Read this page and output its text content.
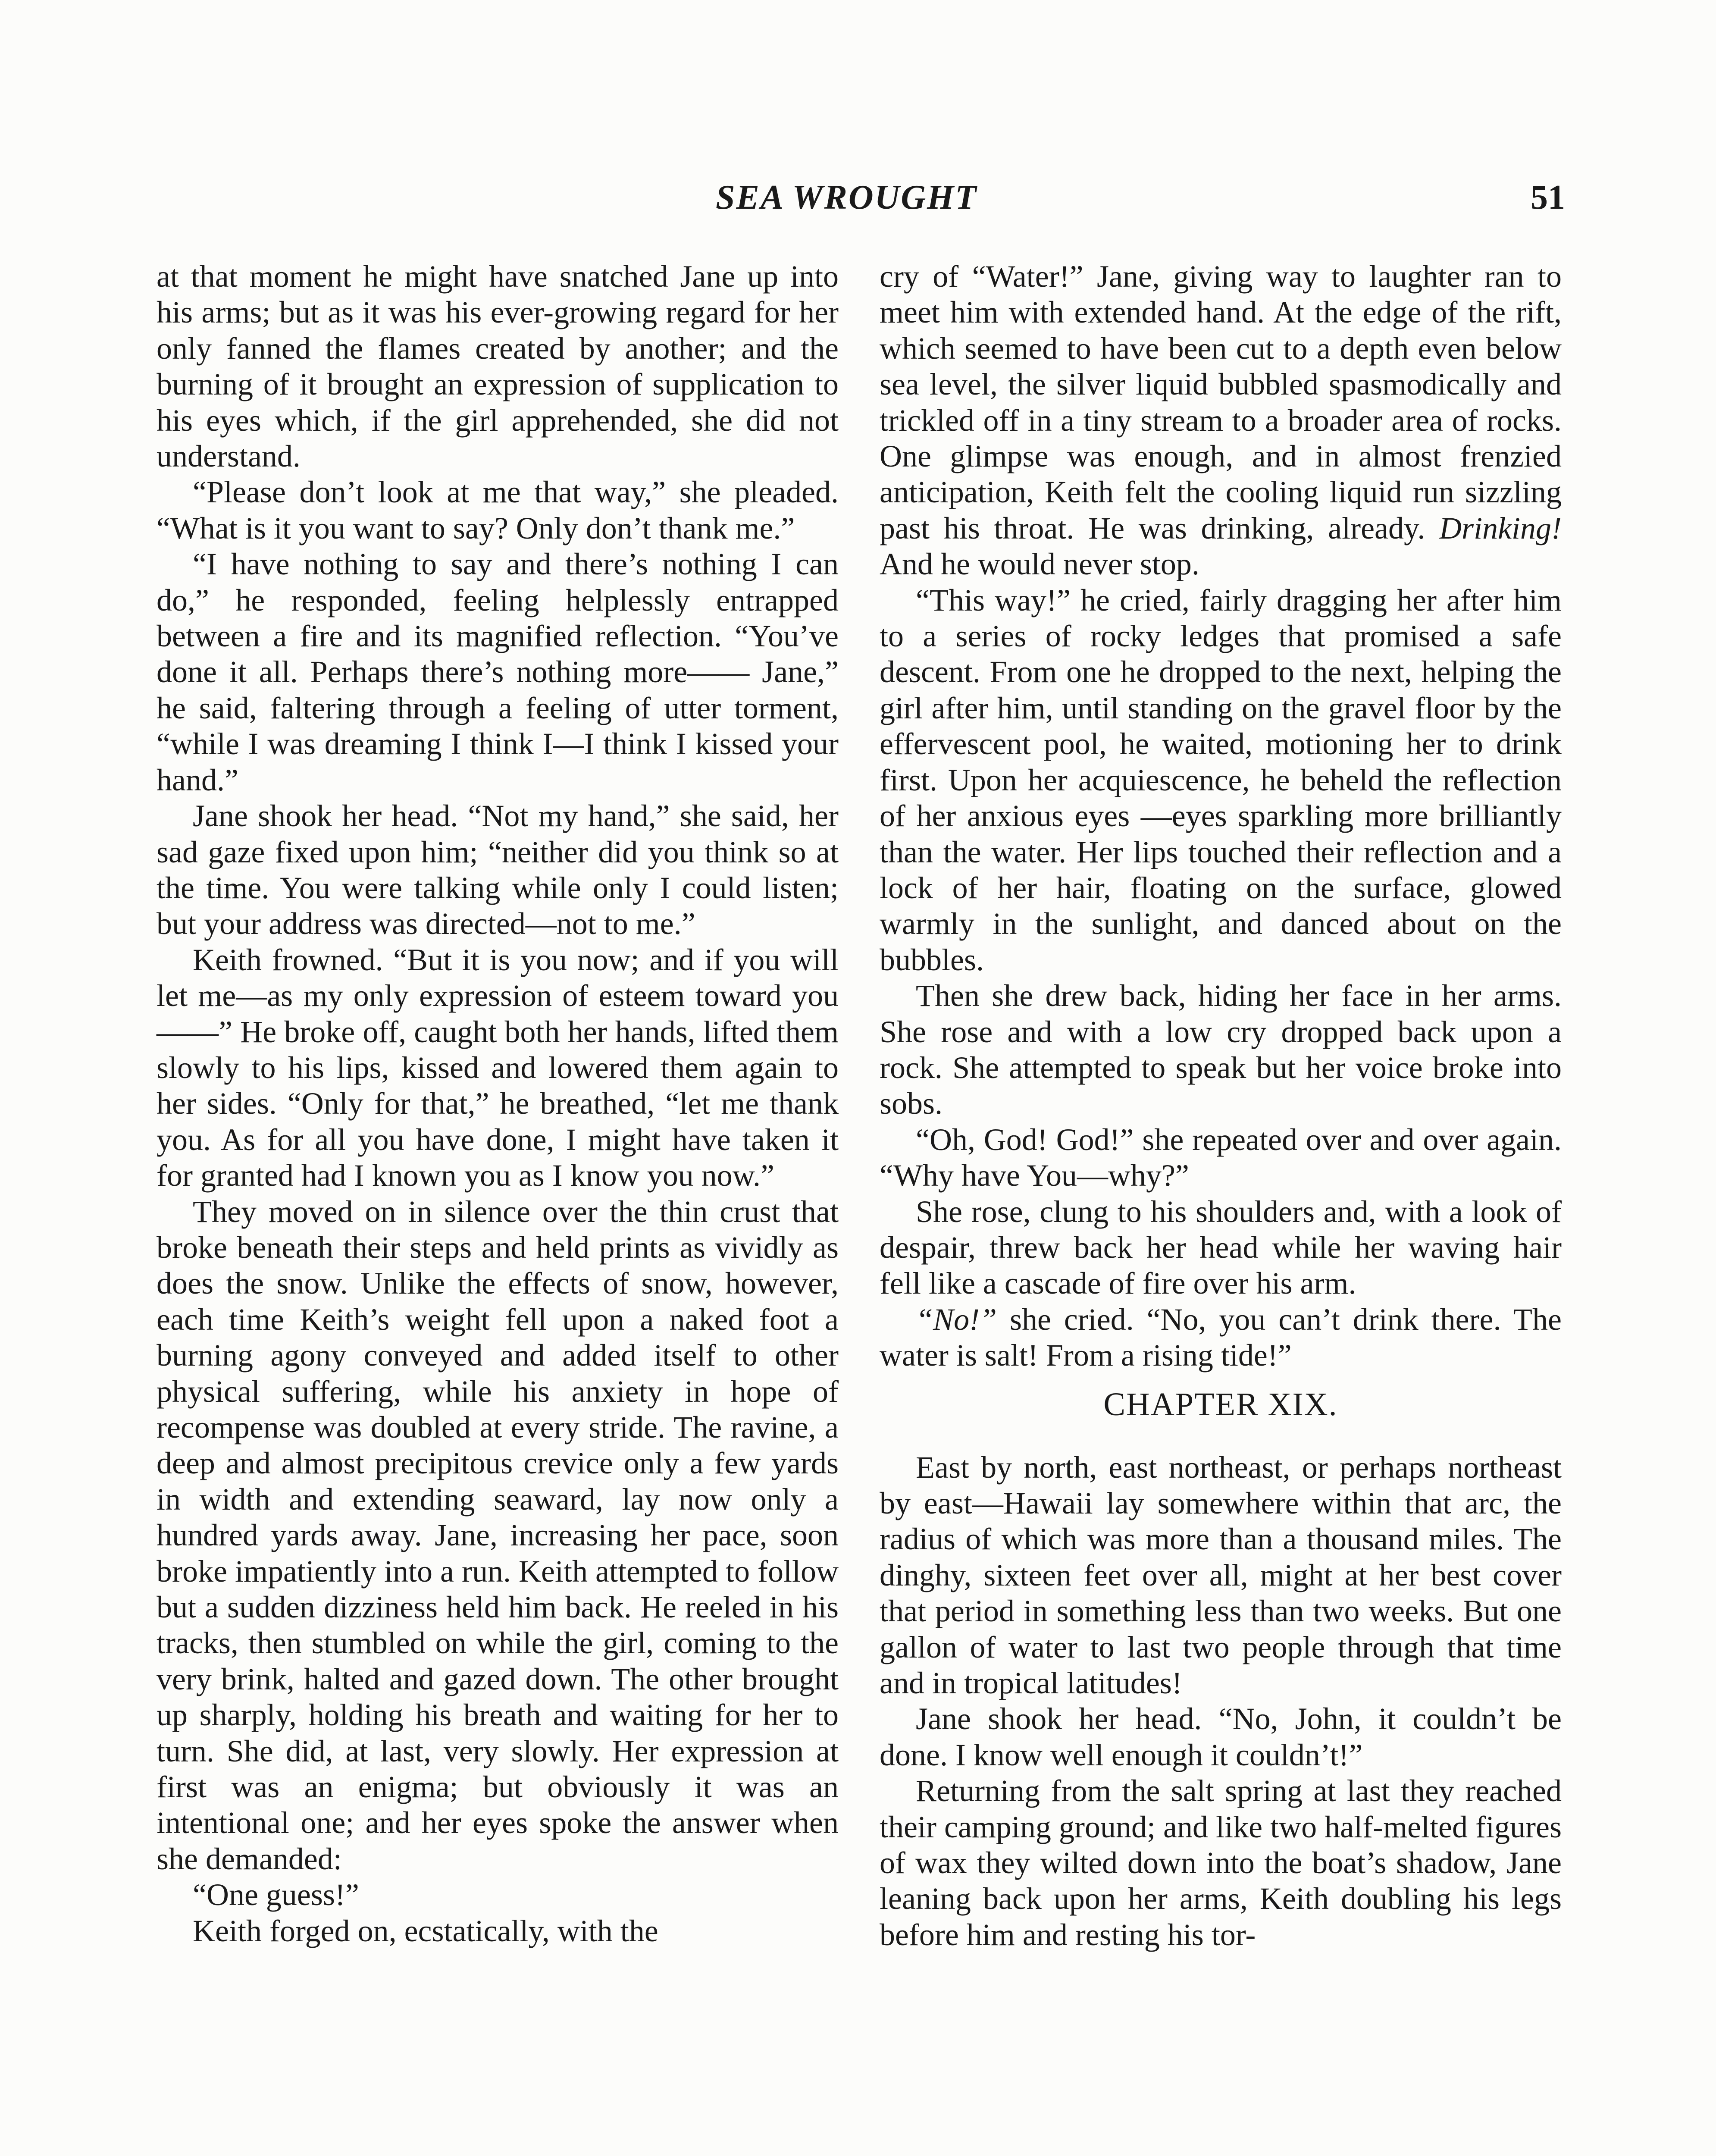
SEA WROUGHT	51

at that moment he might have snatched Jane up into his arms; but as it was his ever-growing regard for her only fanned the flames created by another; and the burning of it brought an expression of supplication to his eyes which, if the girl apprehended, she did not understand.

“Please don’t look at me that way,” she pleaded. “What is it you want to say? Only don’t thank me.”

“I have nothing to say and there’s nothing I can do,” he responded, feeling helplessly entrapped between a fire and its magnified reflection. “You’ve done it all. Perhaps there’s nothing more—— Jane,” he said, faltering through a feeling of utter torment, “while I was dreaming I think I—I think I kissed your hand.”

Jane shook her head. “Not my hand,” she said, her sad gaze fixed upon him; “neither did you think so at the time. You were talking while only I could listen; but your address was directed—not to me.”

Keith frowned. “But it is you now; and if you will let me—as my only expression of esteem toward you——” He broke off, caught both her hands, lifted them slowly to his lips, kissed and lowered them again to her sides. “Only for that,” he breathed, “let me thank you. As for all you have done, I might have taken it for granted had I known you as I know you now.”

They moved on in silence over the thin crust that broke beneath their steps and held prints as vividly as does the snow. Unlike the effects of snow, however, each time Keith’s weight fell upon a naked foot a burning agony conveyed and added itself to other physical suffering, while his anxiety in hope of recompense was doubled at every stride. The ravine, a deep and almost precipitous crevice only a few yards in width and extending seaward, lay now only a hundred yards away. Jane, increasing her pace, soon broke impatiently into a run. Keith attempted to follow but a sudden dizziness held him back. He reeled in his tracks, then stumbled on while the girl, coming to the very brink, halted and gazed down. The other brought up sharply, holding his breath and waiting for her to turn. She did, at last, very slowly. Her expression at first was an enigma; but obviously it was an intentional one; and her eyes spoke the answer when she demanded:

“One guess!”

Keith forged on, ecstatically, with the

cry of “Water!” Jane, giving way to laughter ran to meet him with extended hand. At the edge of the rift, which seemed to have been cut to a depth even below sea level, the silver liquid bubbled spasmodically and trickled off in a tiny stream to a broader area of rocks. One glimpse was enough, and in almost frenzied anticipation, Keith felt the cooling liquid run sizzling past his throat. He was drinking, already. Drinking! And he would never stop.

“This way!” he cried, fairly dragging her after him to a series of rocky ledges that promised a safe descent. From one he dropped to the next, helping the girl after him, until standing on the gravel floor by the effervescent pool, he waited, motioning her to drink first. Upon her acquiescence, he beheld the reflection of her anxious eyes —eyes sparkling more brilliantly than the water. Her lips touched their reflection and a lock of her hair, floating on the surface, glowed warmly in the sunlight, and danced about on the bubbles.

Then she drew back, hiding her face in her arms. She rose and with a low cry dropped back upon a rock. She attempted to speak but her voice broke into sobs.

“Oh, God! God!” she repeated over and over again. “Why have You—why?”

She rose, clung to his shoulders and, with a look of despair, threw back her head while her waving hair fell like a cascade of fire over his arm.

“No!” she cried. “No, you can’t drink there. The water is salt! From a rising tide!”

CHAPTER XIX.

East by north, east northeast, or perhaps northeast by east—Hawaii lay somewhere within that arc, the radius of which was more than a thousand miles. The dinghy, sixteen feet over all, might at her best cover that period in something less than two weeks. But one gallon of water to last two people through that time and in tropical latitudes!

Jane shook her head. “No, John, it couldn’t be done. I know well enough it couldn’t!”

Returning from the salt spring at last they reached their camping ground; and like two half-melted figures of wax they wilted down into the boat’s shadow, Jane leaning back upon her arms, Keith doubling his legs before him and resting his tor-
